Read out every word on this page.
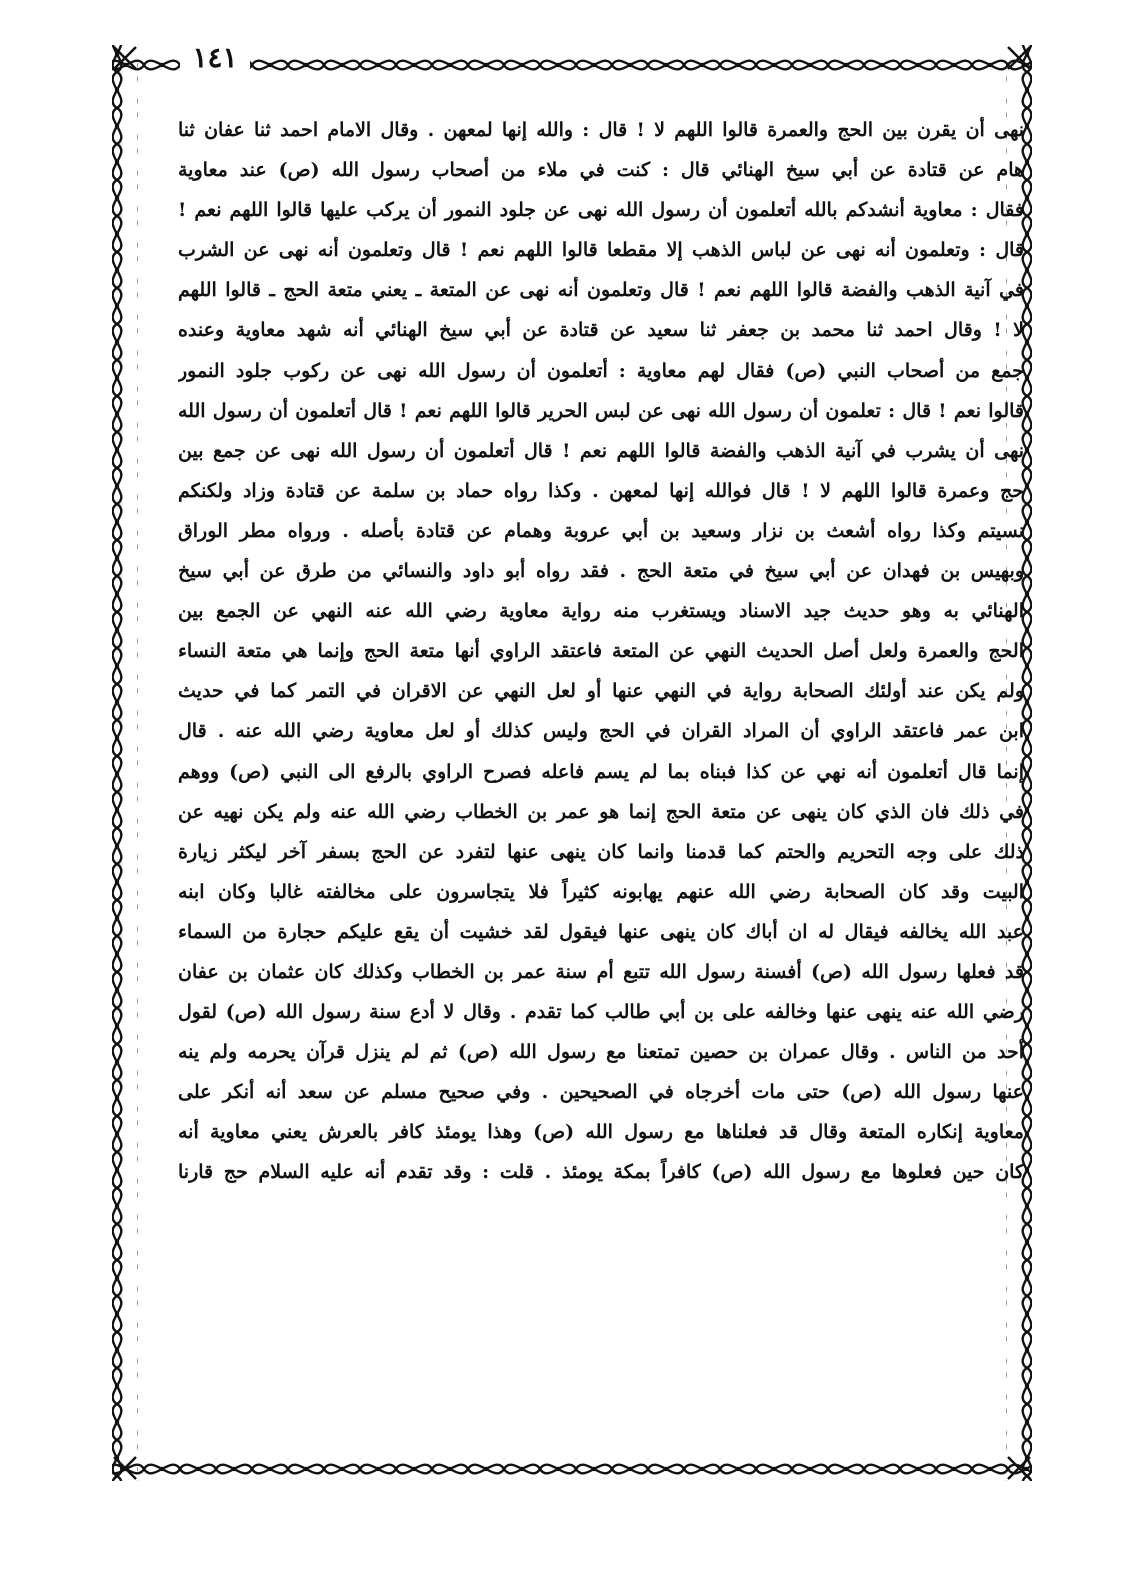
١٤١
نهى أن يقرن بين الحج والعمرة قالوا اللهم لا ! قال : والله إنها لمعهن . وقال الامام احمد ثنا عفان ثنا
هام عن قتادة عن أبي سيخ الهنائي قال : كنت في ملاء من أصحاب رسول الله (ص) عند معاوية
فقال : معاوية أنشدكم بالله أتعلمون أن رسول الله نهى عن جلود النمور أن يركب عليها قالوا اللهم نعم !
قال : وتعلمون أنه نهى عن لباس الذهب إلا مقطعا قالوا اللهم نعم ! قال وتعلمون أنه نهى عن الشرب
في آنية الذهب والفضة قالوا اللهم نعم ! قال وتعلمون أنه نهى عن المتعة ـ يعني متعة الحج ـ قالوا اللهم
لا ! وقال احمد ثنا محمد بن جعفر ثنا سعيد عن قتادة عن أبي سيخ الهنائي أنه شهد معاوية وعنده
جمع من أصحاب النبي (ص) فقال لهم معاوية : أتعلمون أن رسول الله نهى عن ركوب جلود النمور
قالوا نعم ! قال : تعلمون أن رسول الله نهى عن لبس الحرير قالوا اللهم نعم ! قال أتعلمون أن رسول الله
نهى أن يشرب في آنية الذهب والفضة قالوا اللهم نعم ! قال أتعلمون أن رسول الله نهى عن جمع بين
حج وعمرة قالوا اللهم لا ! قال فوالله إنها لمعهن . وكذا رواه حماد بن سلمة عن قتادة وزاد ولكنكم
نسيتم وكذا رواه أشعث بن نزار وسعيد بن أبي عروبة وهمام عن قتادة بأصله . ورواه مطر الوراق
وبهيس بن فهدان عن أبي سيخ في متعة الحج . فقد رواه أبو داود والنسائي من طرق عن أبي سيخ
الهنائي به وهو حديث جيد الاسناد ويستغرب منه رواية معاوية رضي الله عنه النهي عن الجمع بين
الحج والعمرة ولعل أصل الحديث النهي عن المتعة فاعتقد الراوي أنها متعة الحج وإنما هي متعة النساء
ولم يكن عند أولئك الصحابة رواية في النهي عنها أو لعل النهي عن الاقران في التمر كما في حديث
ابن عمر فاعتقد الراوي أن المراد القران في الحج وليس كذلك أو لعل معاوية رضي الله عنه . قال
إنما قال أتعلمون أنه نهي عن كذا فبناه بما لم يسم فاعله فصرح الراوي بالرفع الى النبي (ص) ووهم
في ذلك فان الذي كان ينهى عن متعة الحج إنما هو عمر بن الخطاب رضي الله عنه ولم يكن نهيه عن
ذلك على وجه التحريم والحتم كما قدمنا وانما كان ينهى عنها لتفرد عن الحج بسفر آخر ليكثر زيارة
البيت وقد كان الصحابة رضي الله عنهم يهابونه كثيراً فلا يتجاسرون على مخالفته غالبا وكان ابنه
عبد الله يخالفه فيقال له ان أباك كان ينهى عنها فيقول لقد خشيت أن يقع عليكم حجارة من السماء
قد فعلها رسول الله (ص) أفسنة رسول الله تتبع أم سنة عمر بن الخطاب وكذلك كان عثمان بن عفان
رضي الله عنه ينهى عنها وخالفه على بن أبي طالب كما تقدم . وقال لا أدع سنة رسول الله (ص) لقول
أحد من الناس . وقال عمران بن حصين تمتعنا مع رسول الله (ص) ثم لم ينزل قرآن يحرمه ولم ينه
عنها رسول الله (ص) حتى مات أخرجاه في الصحيحين . وفي صحيح مسلم عن سعد أنه أنكر على
معاوية إنكاره المتعة وقال قد فعلناها مع رسول الله (ص) وهذا يومئذ كافر بالعرش يعني معاوية أنه
كان حين فعلوها مع رسول الله (ص) كافراً بمكة يومئذ . قلت : وقد تقدم أنه عليه السلام حج قارنا
